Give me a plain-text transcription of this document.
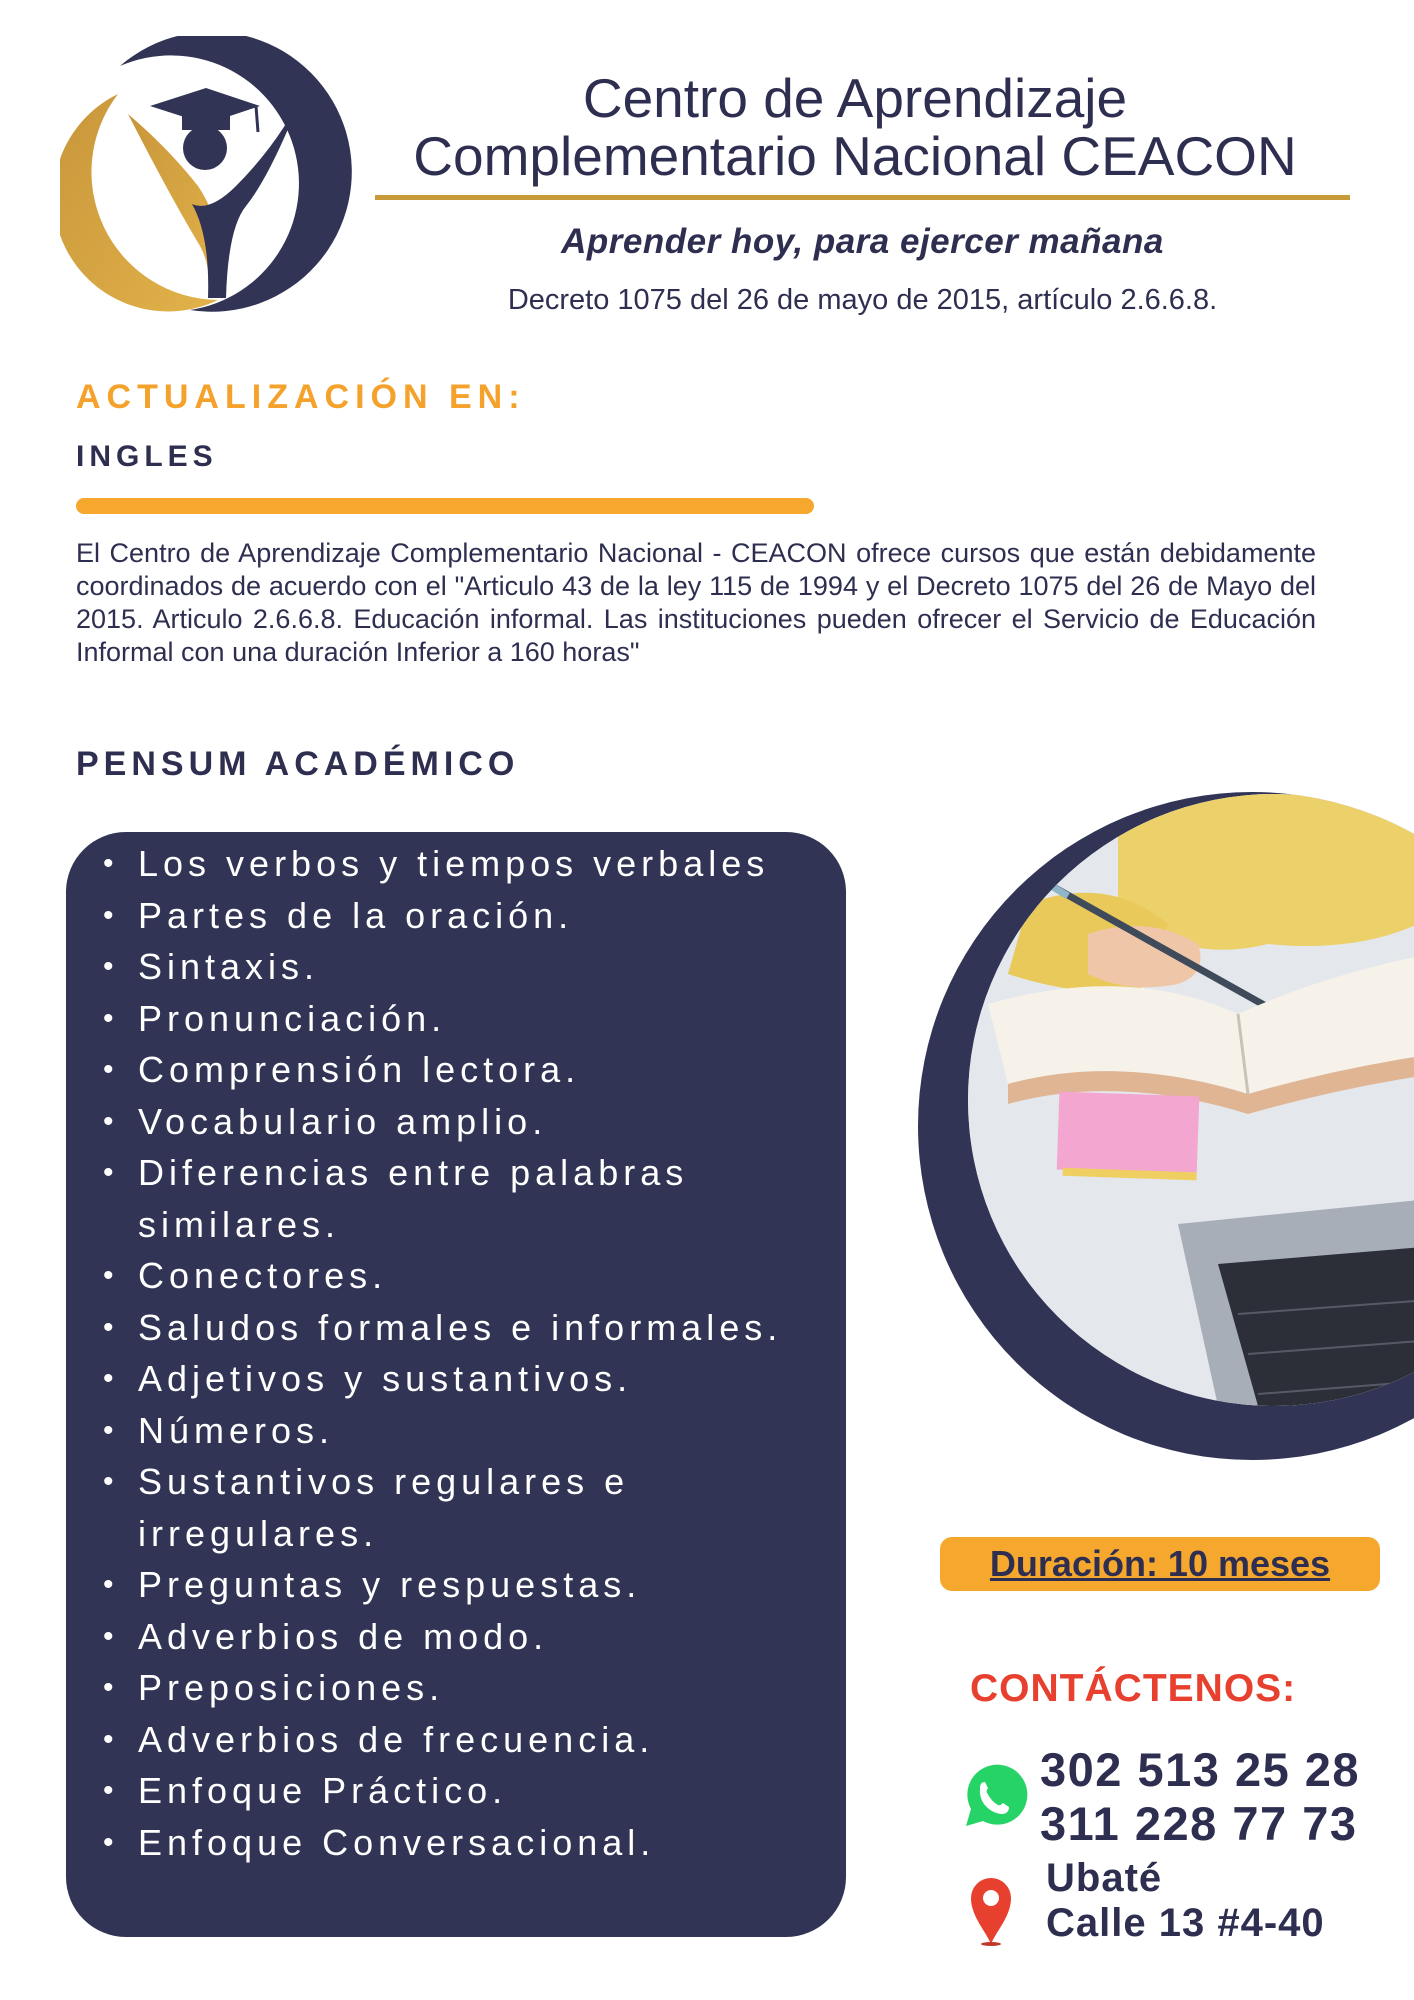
Centro de Aprendizaje
Complementario Nacional CEACON
Aprender hoy, para ejercer mañana
Decreto 1075 del 26 de mayo de 2015, artículo 2.6.6.8.
ACTUALIZACIÓN EN:
INGLES
El Centro de Aprendizaje Complementario Nacional - CEACON ofrece cursos que están debidamente coordinados de acuerdo con el "Articulo 43 de la ley 115 de 1994 y el Decreto 1075 del 26 de Mayo del 2015. Articulo 2.6.6.8. Educación informal. Las instituciones pueden ofrecer el Servicio de Educación Informal con una duración Inferior a 160 horas"
PENSUM ACADÉMICO
• Los verbos y tiempos verbales
• Partes de la oración.
• Sintaxis.
• Pronunciación.
• Comprensión lectora.
• Vocabulario amplio.
• Diferencias entre palabras similares.
• Conectores.
• Saludos formales e informales.
• Adjetivos y sustantivos.
• Números.
• Sustantivos regulares e irregulares.
• Preguntas y respuestas.
• Adverbios de modo.
• Preposiciones.
• Adverbios de frecuencia.
• Enfoque Práctico.
• Enfoque Conversacional.
Duración: 10 meses
CONTÁCTENOS:
302 513 25 28
311 228 77 73
Ubaté
Calle 13 #4-40
